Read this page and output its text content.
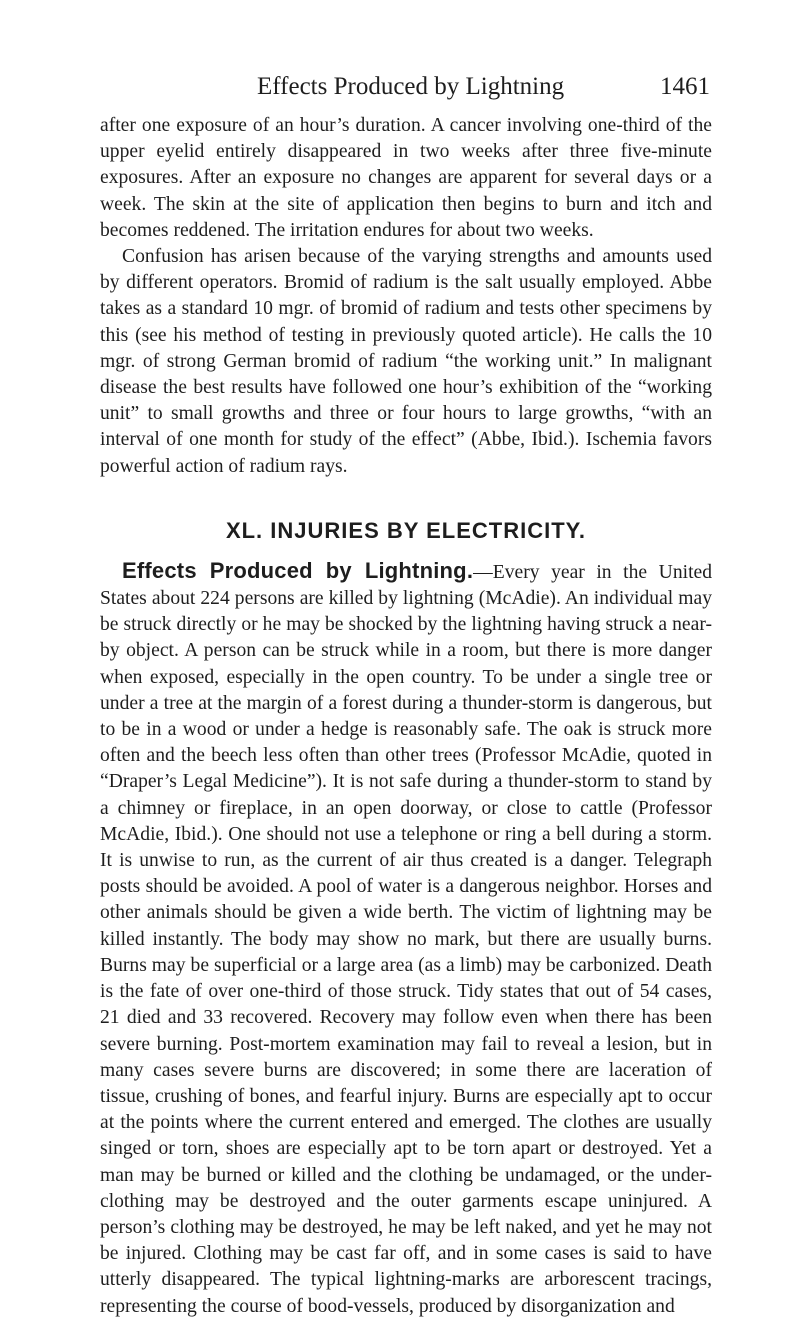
Effects Produced by Lightning	1461

after one exposure of an hour’s duration. A cancer involving one-third of the upper eyelid entirely disappeared in two weeks after three five-minute exposures. After an exposure no changes are apparent for several days or a week. The skin at the site of application then begins to burn and itch and becomes reddened. The irritation endures for about two weeks.

Confusion has arisen because of the varying strengths and amounts used by different operators. Bromid of radium is the salt usually employed. Abbe takes as a standard 10 mgr. of bromid of radium and tests other specimens by this (see his method of testing in previously quoted article). He calls the 10 mgr. of strong German bromid of radium “the working unit.” In malignant disease the best results have followed one hour’s exhibition of the “working unit” to small growths and three or four hours to large growths, “with an interval of one month for study of the effect” (Abbe, Ibid.). Ischemia favors powerful action of radium rays.

XL. INJURIES BY ELECTRICITY.

Effects Produced by Lightning.—Every year in the United States about 224 persons are killed by lightning (McAdie). An individual may be struck directly or he may be shocked by the lightning having struck a near-by object. A person can be struck while in a room, but there is more danger when exposed, especially in the open country. To be under a single tree or under a tree at the margin of a forest during a thunder-storm is dangerous, but to be in a wood or under a hedge is reasonably safe. The oak is struck more often and the beech less often than other trees (Professor McAdie, quoted in “Draper’s Legal Medicine”). It is not safe during a thunder-storm to stand by a chimney or fireplace, in an open doorway, or close to cattle (Professor McAdie, Ibid.). One should not use a telephone or ring a bell during a storm. It is unwise to run, as the current of air thus created is a danger. Telegraph posts should be avoided. A pool of water is a dangerous neighbor. Horses and other animals should be given a wide berth. The victim of lightning may be killed instantly. The body may show no mark, but there are usually burns. Burns may be superficial or a large area (as a limb) may be carbonized. Death is the fate of over one-third of those struck. Tidy states that out of 54 cases, 21 died and 33 recovered. Recovery may follow even when there has been severe burning. Post-mortem examination may fail to reveal a lesion, but in many cases severe burns are discovered; in some there are laceration of tissue, crushing of bones, and fearful injury. Burns are especially apt to occur at the points where the current entered and emerged. The clothes are usually singed or torn, shoes are especially apt to be torn apart or destroyed. Yet a man may be burned or killed and the clothing be undamaged, or the under-clothing may be destroyed and the outer garments escape uninjured. A person’s clothing may be destroyed, he may be left naked, and yet he may not be injured. Clothing may be cast far off, and in some cases is said to have utterly disappeared. The typical lightning-marks are arborescent tracings, representing the course of bood-vessels, produced by disorganization and
